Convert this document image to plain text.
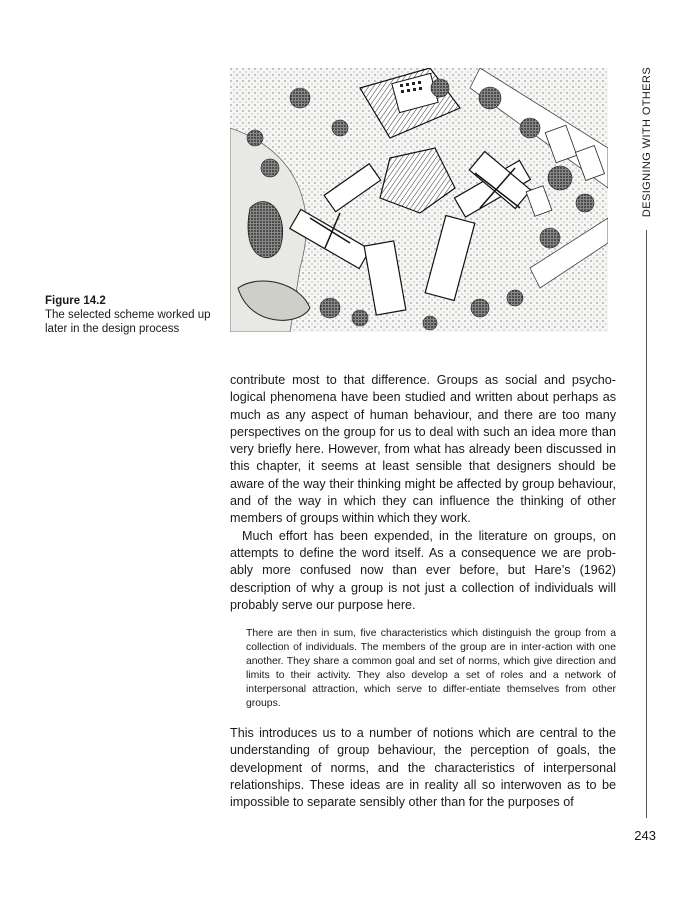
Figure 14.2
The selected scheme worked up
later in the design process

contribute most to that difference. Groups as social and psycho-logical phenomena have been studied and written about perhaps as much as any aspect of human behaviour, and there are too many perspectives on the group for us to deal with such an idea more than very briefly here. However, from what has already been discussed in this chapter, it seems at least sensible that designers should be aware of the way their thinking might be affected by group behaviour, and of the way in which they can influence the thinking of other members of groups within which they work.

Much effort has been expended, in the literature on groups, on attempts to define the word itself. As a consequence we are prob-ably more confused now than ever before, but Hare’s (1962) description of why a group is not just a collection of individuals will probably serve our purpose here.

There are then in sum, five characteristics which distinguish the group from a collection of individuals. The members of the group are in inter-action with one another. They share a common goal and set of norms, which give direction and limits to their activity. They also develop a set of roles and a network of interpersonal attraction, which serve to differ-entiate themselves from other groups.

This introduces us to a number of notions which are central to the understanding of group behaviour, the perception of goals, the development of norms, and the characteristics of interpersonal relationships. These ideas are in reality all so interwoven as to be impossible to separate sensibly other than for the purposes of

DESIGNING WITH OTHERS
243
